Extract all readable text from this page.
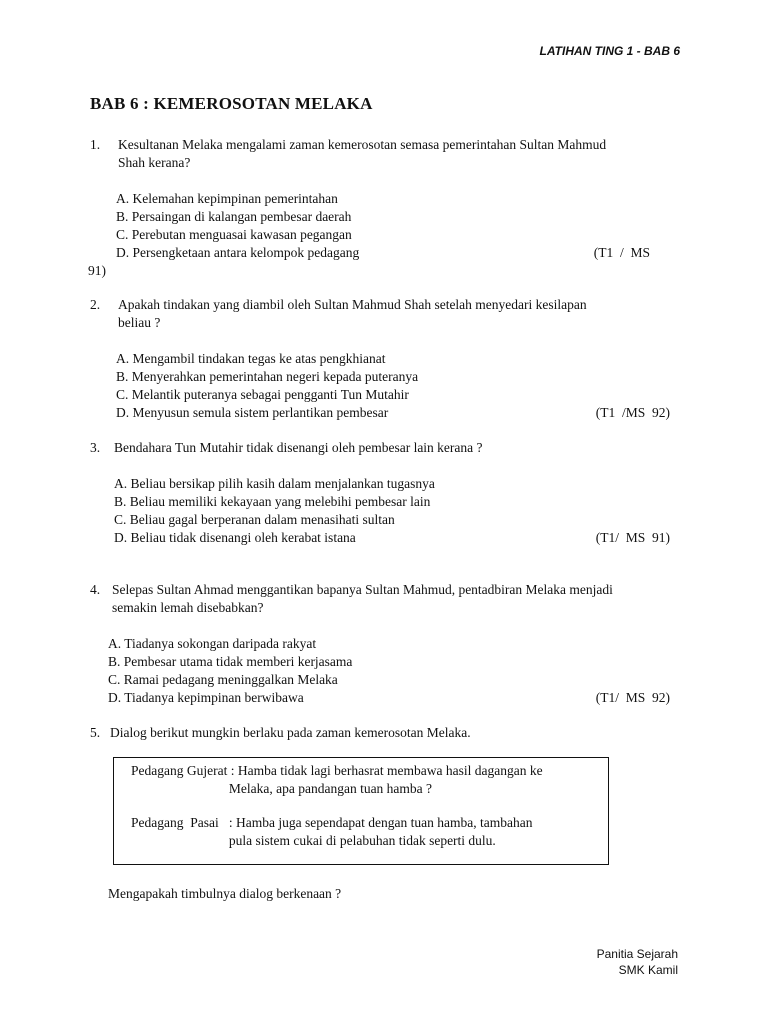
LATIHAN TING 1 - BAB 6
BAB 6 : KEMEROSOTAN MELAKA
1.	Kesultanan Melaka mengalami zaman kemerosotan semasa pemerintahan Sultan Mahmud
Shah kerana?
A. Kelemahan kepimpinan pemerintahan
B. Persaingan di kalangan pembesar daerah
C. Perebutan menguasai kawasan pegangan
D. Persengketaan antara kelompok pedagang	(T1  /  MS
91)
2.	Apakah tindakan yang diambil oleh Sultan Mahmud Shah setelah menyedari kesilapan
beliau ?
A. Mengambil tindakan tegas ke atas pengkhianat
B. Menyerahkan pemerintahan negeri kepada puteranya
C. Melantik puteranya sebagai pengganti Tun Mutahir
D. Menyusun semula sistem perlantikan pembesar	(T1  /MS  92)
3.	Bendahara Tun Mutahir tidak disenangi oleh pembesar lain kerana ?
A. Beliau bersikap pilih kasih dalam menjalankan tugasnya
B. Beliau memiliki kekayaan yang melebihi pembesar lain
C. Beliau gagal berperanan dalam menasihati sultan
D. Beliau tidak disenangi oleh kerabat istana	(T1/  MS  91)
4. Selepas Sultan Ahmad menggantikan bapanya Sultan Mahmud, pentadbiran Melaka menjadi
semakin lemah disebabkan?
A. Tiadanya sokongan daripada rakyat
B. Pembesar utama tidak memberi kerjasama
C. Ramai pedagang meninggalkan Melaka
D. Tiadanya kepimpinan berwibawa	(T1/  MS  92)
5. Dialog berikut mungkin berlaku pada zaman kemerosotan Melaka.
Pedagang Gujerat : Hamba tidak lagi berhasrat membawa hasil dagangan ke
Melaka, apa pandangan tuan hamba ?
Pedagang  Pasai   : Hamba juga sependapat dengan tuan hamba, tambahan
pula sistem cukai di pelabuhan tidak seperti dulu.
Mengapakah timbulnya dialog berkenaan ?
Panitia Sejarah
SMK Kamil
